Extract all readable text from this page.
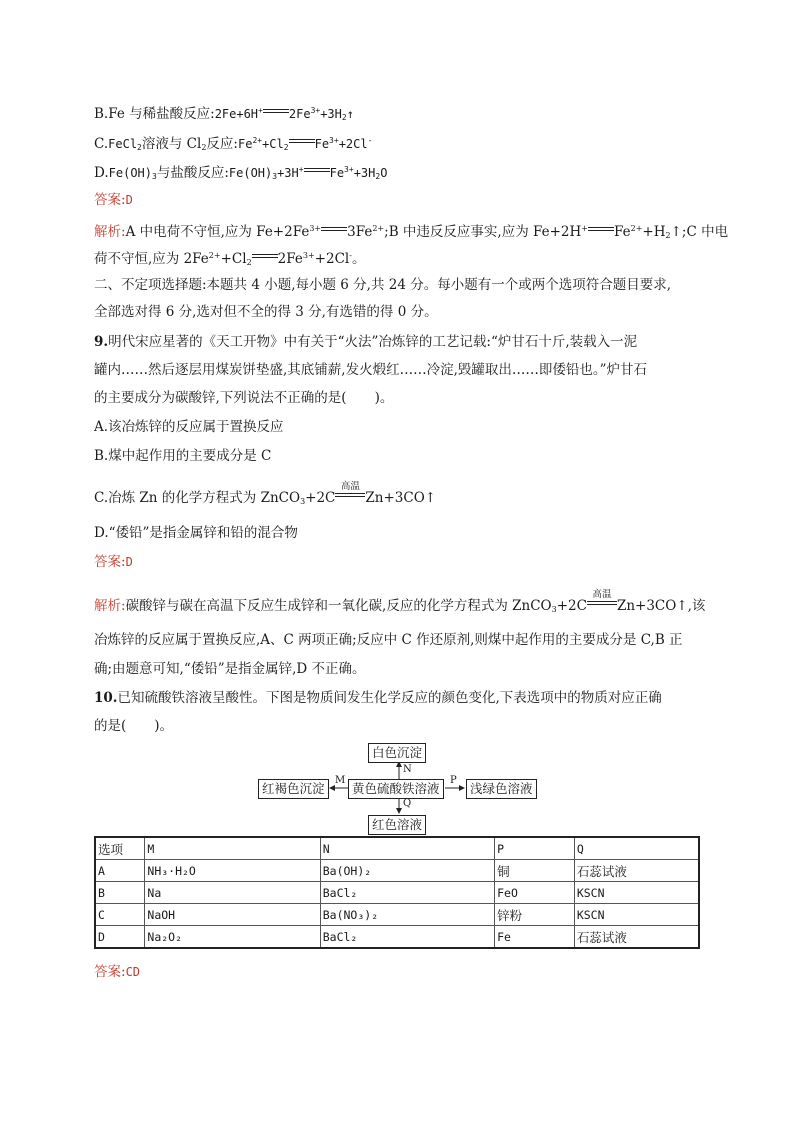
B.Fe 与稀盐酸反应:2Fe+6H+ $2Fe^{3+}+3H_2↑$
C.FeCl$_2$溶液与 $Cl_2$反应$:Fe^{2+}+Cl_2$ $Fe^{3+}+2Cl^-$
$D.Fe(OH)_3$与盐酸反应$:Fe(OH)_3+3H^+$ $Fe^{3+}+3H_2O$
答案:D
解析:A 中电荷不守恒,应为 $Fe+2Fe^{3+}$ $3Fe^{2+};B$ 中违反反应事实,应为 Fe+2H+ $Fe^{2+}+H_2↑;C$ 中电
荷不守恒,应为 $2Fe^{2+}+Cl_2$ $2Fe^{3+}+2Cl^-$。
二、不定项选择题:本题共 4 小题,每小题 6 分,共 24 分。每小题有一个或两个选项符合题目要求,
全部选对得 6 分,选对但不全的得 3 分,有选错的得 0 分。
9.明代宋应星著的《天工开物》中有关于“火法”冶炼锌的工艺记载:“炉甘石十斤,装载入一泥
罐内……然后逐层用煤炭饼垫盛,其底铺薪,发火煅红……冷淀,毁罐取出……即倭铅也。”炉甘石
的主要成分为碳酸锌,下列说法不正确的是( )。
A.该冶炼锌的反应属于置换反应
B.煤中起作用的主要成分是 C
C.冶炼 Zn 的化学方程式为 ZnCO$_3$+2C
高温
Zn+3CO↑
D.“倭铅”是指金属锌和铅的混合物
答案:D
解析:碳酸锌与碳在高温下反应生成锌和一氧化碳,反应的化学方程式为 ZnCO$_3$+2C
高温
Zn+3CO↑,该
冶炼锌的反应属于置换反应,A、C 两项正确;反应中 C 作还原剂,则煤中起作用的主要成分是 C,B 正
确;由题意可知,“倭铅”是指金属锌,D 不正确。
10.已知硫酸铁溶液呈酸性。下图是物质间发生化学反应的颜色变化,下表选项中的物质对应正确
的是( )。
白色沉淀
红褐色沉淀	黄色硫酸铁溶液	浅绿色溶液
红色溶液
N
M	P
Q
选项	M	N	P	Q
A	NH₃·H₂O	Ba(OH)₂	铜	石蕊试液
B	Na	BaCl₂	FeO	KSCN
C	NaOH	Ba(NO₃)₂	锌粉	KSCN
D	Na₂O₂	BaCl₂	Fe	石蕊试液
答案:CD
